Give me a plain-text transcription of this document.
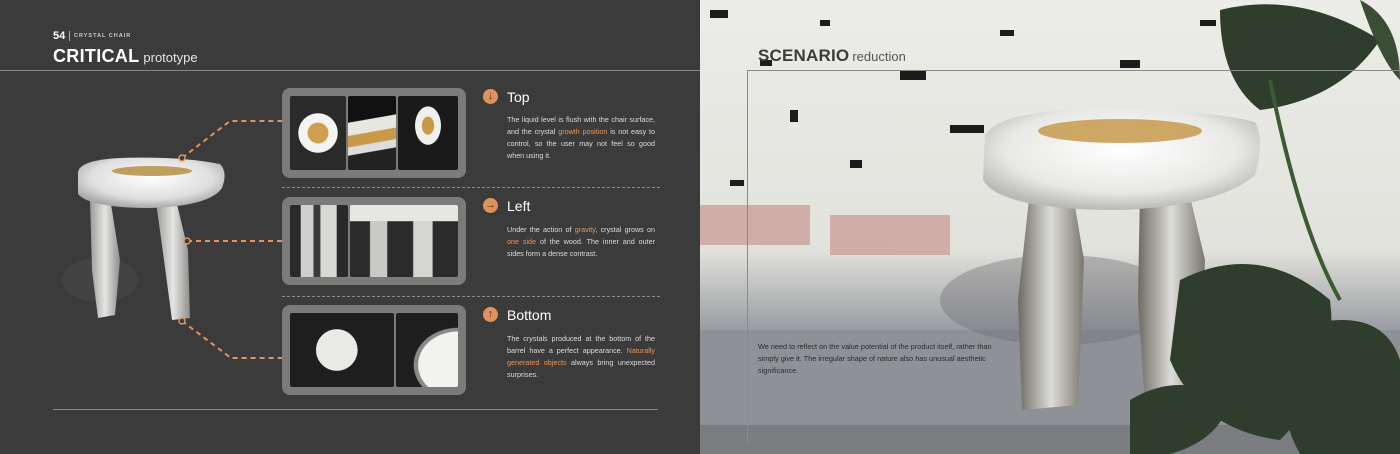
54 CRYSTAL CHAIR
CRITICAL prototype
↓ Top
The liquid level is flush with the chair surface, and the crystal growth position is not easy to control, so the user may not feel so good when using it.
→ Left
Under the action of gravity, crystal grows on one side of the wood. The inner and outer sides form a dense contrast.
↑ Bottom
The crystals produced at the bottom of the barrel have a perfect appearance. Naturally generated objects always bring unexpected surprises.
SCENARIO reduction
We need to reflect on the value potential of the product itself, rather than simply give it. The irregular shape of nature also has unusual aesthetic significance.
